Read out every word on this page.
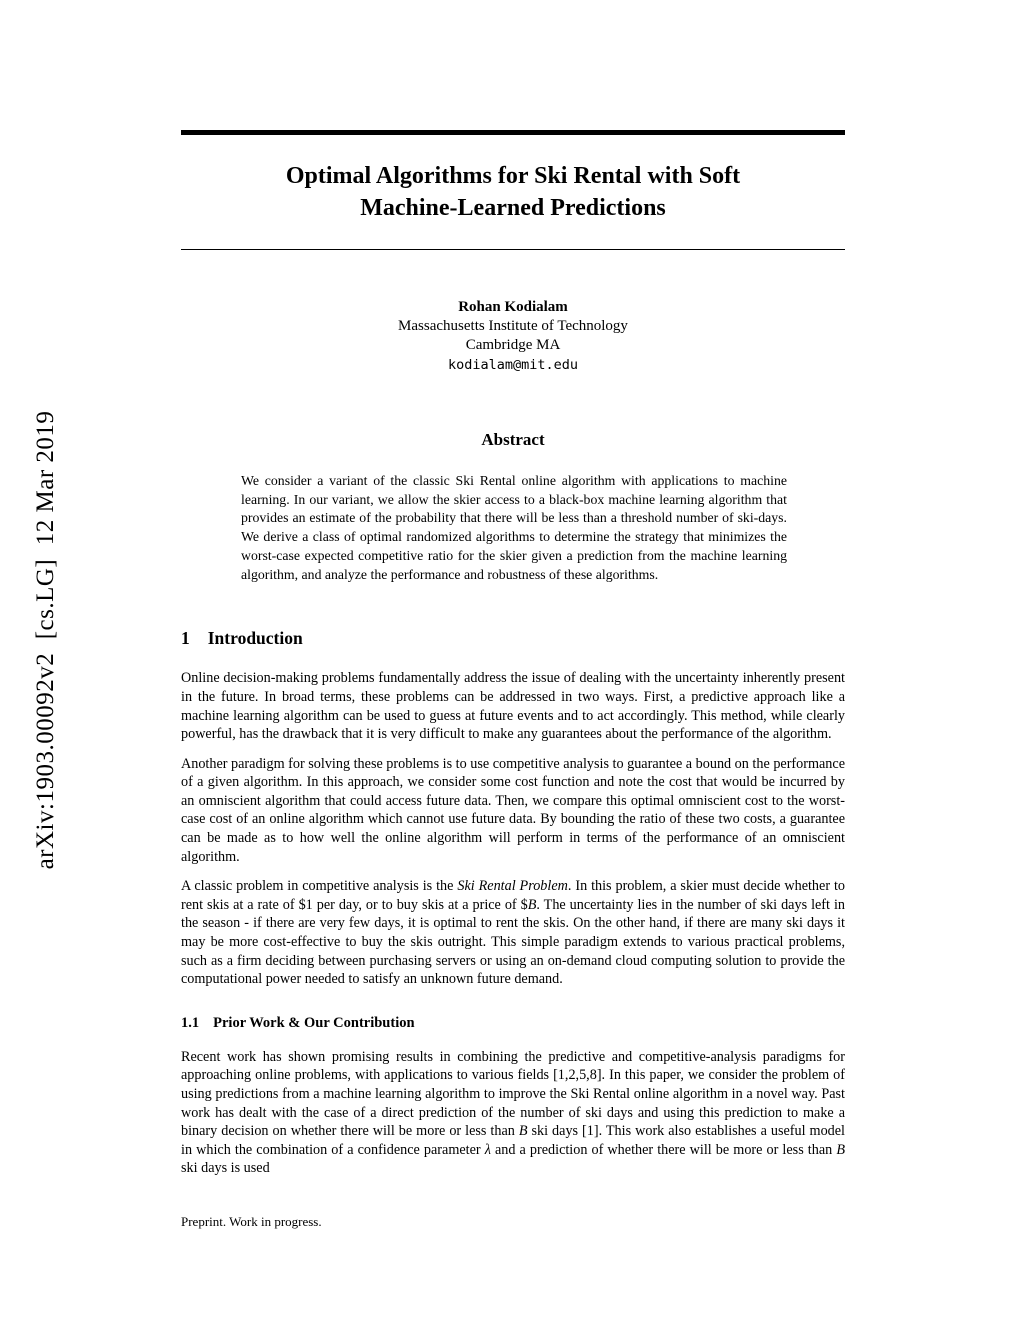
arXiv:1903.00092v2  [cs.LG]  12 Mar 2019
Optimal Algorithms for Ski Rental with Soft
Machine-Learned Predictions
Rohan Kodialam
Massachusetts Institute of Technology
Cambridge MA
kodialam@mit.edu
Abstract

We consider a variant of the classic Ski Rental online algorithm with applications to machine learning. In our variant, we allow the skier access to a black-box machine learning algorithm that provides an estimate of the probability that there will be less than a threshold number of ski-days. We derive a class of optimal randomized algorithms to determine the strategy that minimizes the worst-case expected competitive ratio for the skier given a prediction from the machine learning algorithm, and analyze the performance and robustness of these algorithms.

1 Introduction

Online decision-making problems fundamentally address the issue of dealing with the uncertainty inherently present in the future. In broad terms, these problems can be addressed in two ways. First, a predictive approach like a machine learning algorithm can be used to guess at future events and to act accordingly. This method, while clearly powerful, has the drawback that it is very difficult to make any guarantees about the performance of the algorithm.

Another paradigm for solving these problems is to use competitive analysis to guarantee a bound on the performance of a given algorithm. In this approach, we consider some cost function and note the cost that would be incurred by an omniscient algorithm that could access future data. Then, we compare this optimal omniscient cost to the worst-case cost of an online algorithm which cannot use future data. By bounding the ratio of these two costs, a guarantee can be made as to how well the online algorithm will perform in terms of the performance of an omniscient algorithm.

A classic problem in competitive analysis is the Ski Rental Problem. In this problem, a skier must decide whether to rent skis at a rate of $1 per day, or to buy skis at a price of $B. The uncertainty lies in the number of ski days left in the season - if there are very few days, it is optimal to rent the skis. On the other hand, if there are many ski days it may be more cost-effective to buy the skis outright. This simple paradigm extends to various practical problems, such as a firm deciding between purchasing servers or using an on-demand cloud computing solution to provide the computational power needed to satisfy an unknown future demand.

1.1 Prior Work & Our Contribution

Recent work has shown promising results in combining the predictive and competitive-analysis paradigms for approaching online problems, with applications to various fields [1,2,5,8]. In this paper, we consider the problem of using predictions from a machine learning algorithm to improve the Ski Rental online algorithm in a novel way. Past work has dealt with the case of a direct prediction of the number of ski days and using this prediction to make a binary decision on whether there will be more or less than B ski days [1]. This work also establishes a useful model in which the combination of a confidence parameter λ and a prediction of whether there will be more or less than B ski days is used

Preprint. Work in progress.
